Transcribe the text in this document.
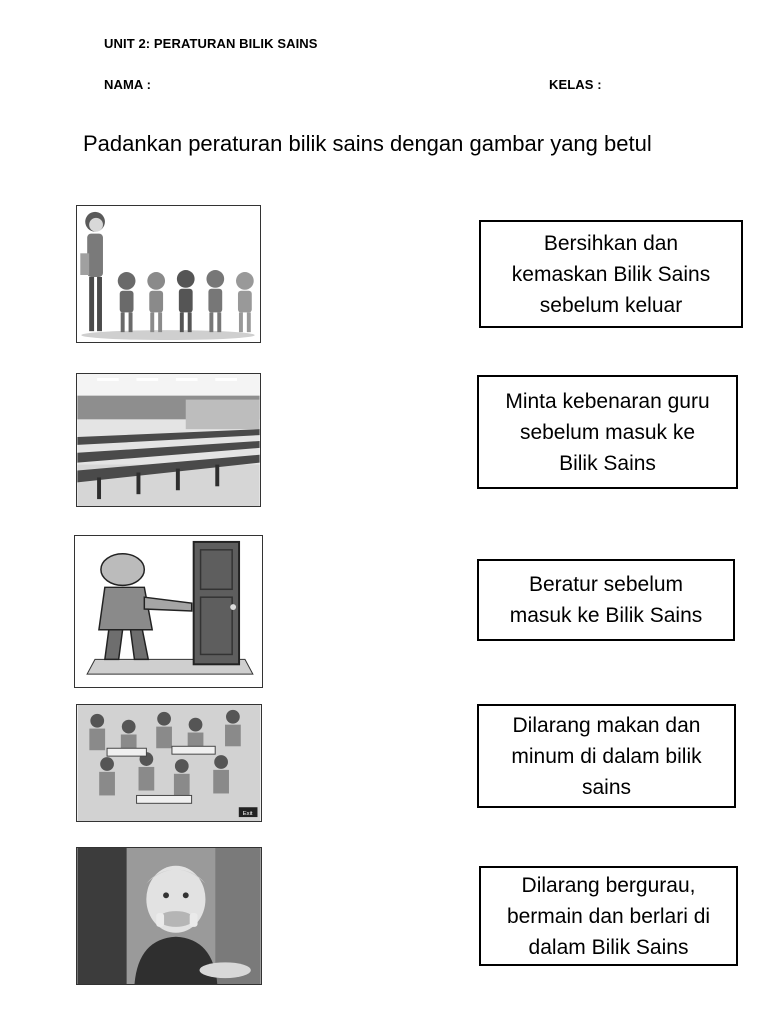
UNIT 2: PERATURAN BILIK SAINS
NAMA :	KELAS :
Padankan peraturan bilik sains dengan gambar yang betul
Exit
Bersihkan dan
kemaskan Bilik Sains
sebelum keluar
Minta kebenaran guru
sebelum masuk ke
Bilik Sains
Beratur sebelum
masuk ke Bilik Sains
Dilarang makan dan
minum di dalam bilik
sains
Dilarang bergurau,
bermain dan berlari di
dalam Bilik Sains
